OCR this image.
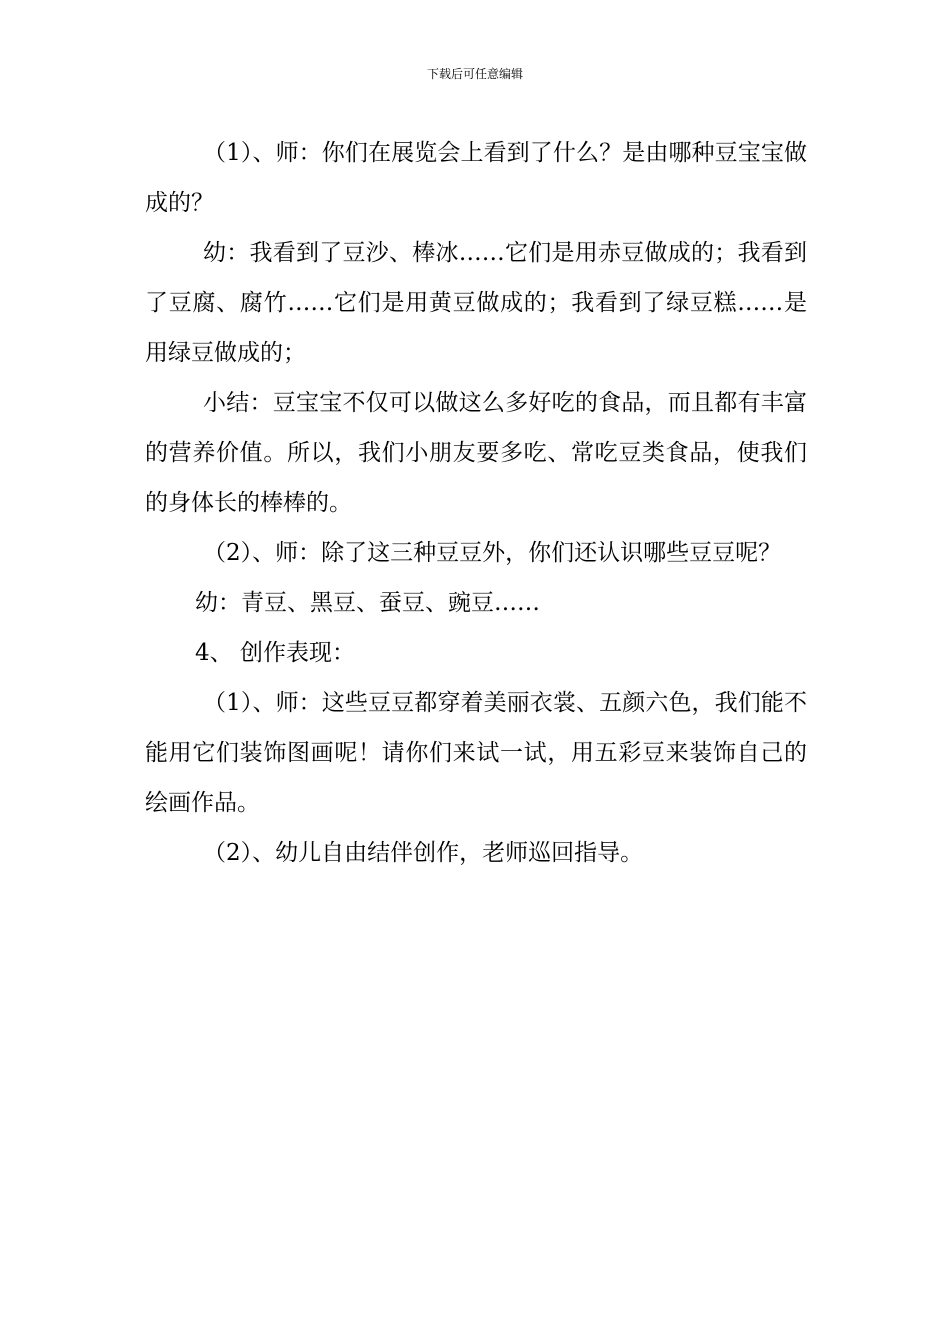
下载后可任意编辑

（1）、师：你们在展览会上看到了什么？是由哪种豆宝宝做成的？

幼：我看到了豆沙、棒冰……它们是用赤豆做成的；我看到了豆腐、腐竹……它们是用黄豆做成的；我看到了绿豆糕……是用绿豆做成的；

小结：豆宝宝不仅可以做这么多好吃的食品，而且都有丰富的营养价值。所以，我们小朋友要多吃、常吃豆类食品，使我们的身体长的棒棒的。

（2）、师：除了这三种豆豆外，你们还认识哪些豆豆呢？

幼：青豆、黑豆、蚕豆、豌豆……

4、 创作表现：

（1）、师：这些豆豆都穿着美丽衣裳、五颜六色，我们能不能用它们装饰图画呢！请你们来试一试，用五彩豆来装饰自己的绘画作品。

（2）、幼儿自由结伴创作，老师巡回指导。
